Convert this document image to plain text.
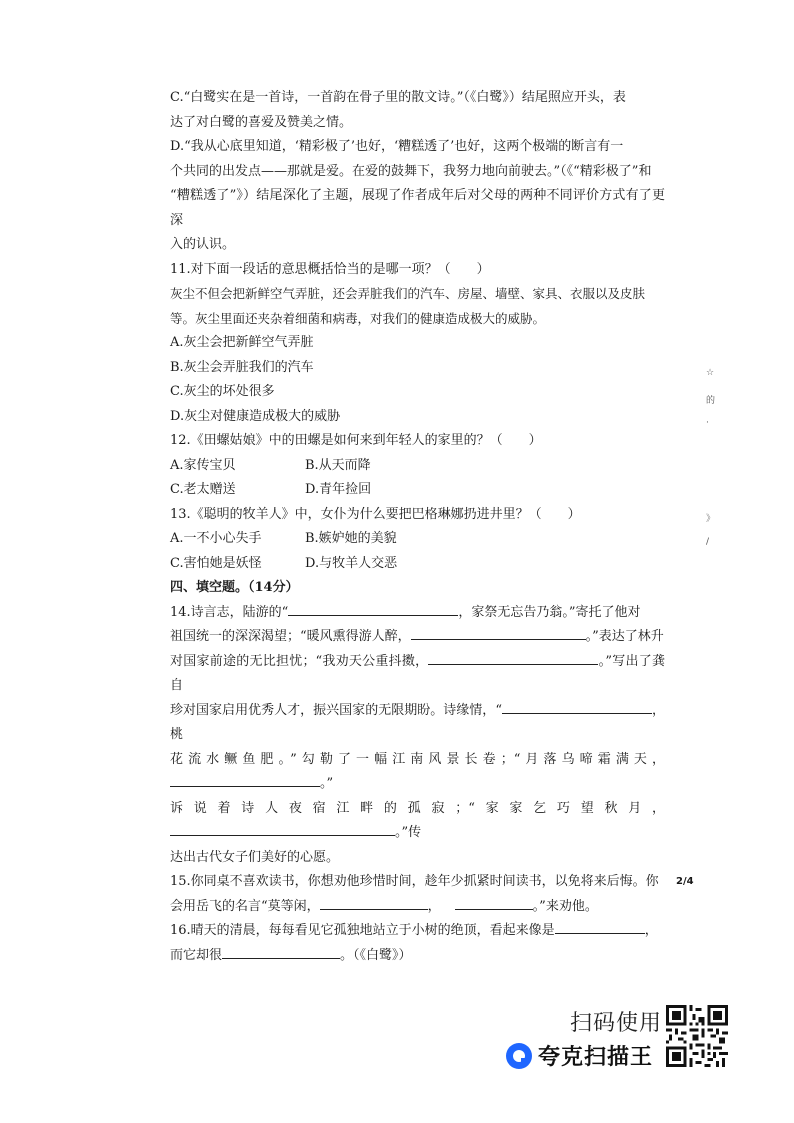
C.“白鹭实在是一首诗，一首韵在骨子里的散文诗。”（《白鹭》）结尾照应开头，表

达了对白鹭的喜爱及赞美之情。

D.“我从心底里知道，‘精彩极了’也好，‘糟糕透了’也好，这两个极端的断言有一

个共同的出发点——那就是爱。在爱的鼓舞下，我努力地向前驶去。”（《“精彩极了”和

“糟糕透了”》）结尾深化了主题，展现了作者成年后对父母的两种不同评价方式有了更深

入的认识。

11.对下面一段话的意思概括恰当的是哪一项？（　　）

灰尘不但会把新鲜空气弄脏，还会弄脏我们的汽车、房屋、墙壁、家具、衣服以及皮肤

等。灰尘里面还夹杂着细菌和病毒，对我们的健康造成极大的威胁。

A.灰尘会把新鲜空气弄脏

B.灰尘会弄脏我们的汽车

C.灰尘的坏处很多

D.灰尘对健康造成极大的威胁

12.《田螺姑娘》中的田螺是如何来到年轻人的家里的？（　　）

A.家传宝贝	B.从天而降
C.老太赠送	D.青年捡回

13.《聪明的牧羊人》中，女仆为什么要把巴格琳娜扔进井里？（　　）

A.一不小心失手	B.嫉妒她的美貌
C.害怕她是妖怪	D.与牧羊人交恶

四、填空题。（14分）

14.诗言志，陆游的“	，家祭无忘告乃翁。”寄托了他对

祖国统一的深深渴望；“暖风熏得游人醉，	。”表达了林升

对国家前途的无比担忧；“我劝天公重抖擞，	。”写出了龚自

珍对国家启用优秀人才，振兴国家的无限期盼。诗缘情，“	，桃

花流水鳜鱼肥。”勾勒了一幅江南风景长卷；“月落乌啼霜满天，。”

诉说着诗人夜宿江畔的孤寂；“家家乞巧望秋月，。”传

达出古代女子们美好的心愿。

15.你同桌不喜欢读书，你想劝他珍惜时间，趁年少抓紧时间读书，以免将来后悔。你

会用岳飞的名言“莫等闲，	，	。”来劝他。

16.晴天的清晨，每每看见它孤独地站立于小树的绝顶，看起来像是	，

而它却很	。（《白鹭》）

☆
的
·
》
/
2/4
扫码使用
夸克扫描王
